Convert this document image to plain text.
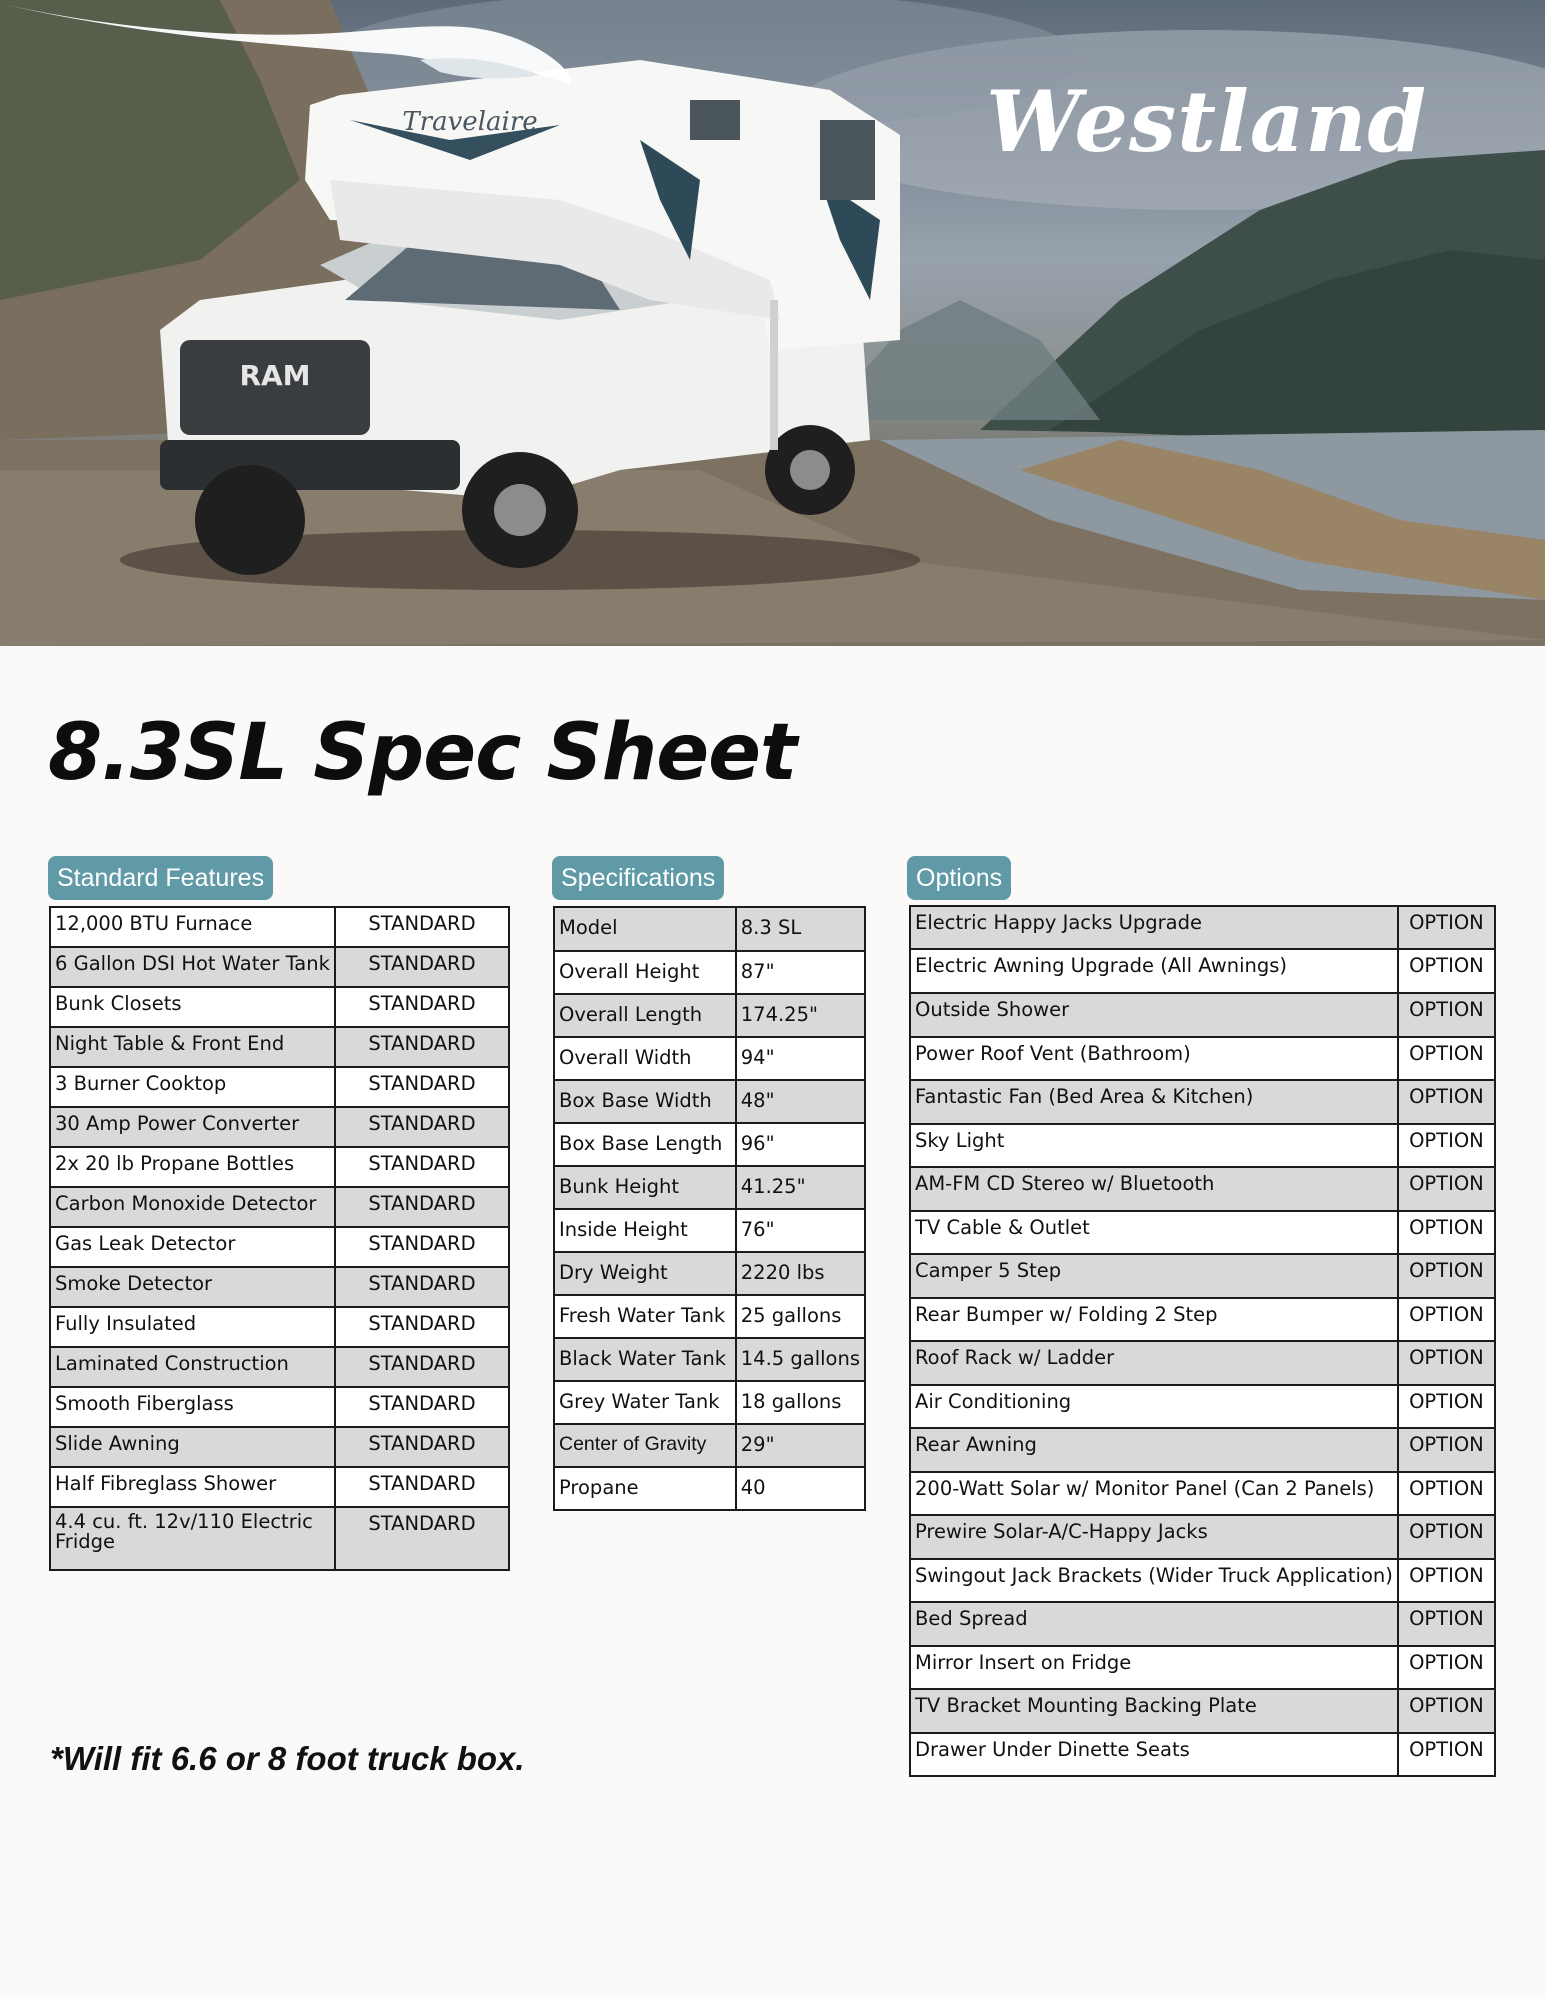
RAM
Travelaire	Westland
8.3SL Spec Sheet
Standard Features	Specifications	Options
12,000 BTU Furnace	STANDARD
6 Gallon DSI Hot Water Tank	STANDARD
Bunk Closets	STANDARD
Night Table & Front End	STANDARD
3 Burner Cooktop	STANDARD
30 Amp Power Converter	STANDARD
2x 20 lb Propane Bottles	STANDARD
Carbon Monoxide Detector	STANDARD
Gas Leak Detector	STANDARD
Smoke Detector	STANDARD
Fully Insulated	STANDARD
Laminated Construction	STANDARD
Smooth Fiberglass	STANDARD
Slide Awning	STANDARD
Half Fibreglass Shower	STANDARD
4.4 cu. ft. 12v/110 Electric
Fridge	STANDARD
Model	8.3 SL
Overall Height	87"
Overall Length	174.25"
Overall Width	94"
Box Base Width	48"
Box Base Length	96"
Bunk Height	41.25"
Inside Height	76"
Dry Weight	2220 lbs
Fresh Water Tank	25 gallons
Black Water Tank	14.5 gallons
Grey Water Tank	18 gallons
Center of Gravity	29"
Propane	40
Electric Happy Jacks Upgrade	OPTION
Electric Awning Upgrade (All Awnings)	OPTION
Outside Shower	OPTION
Power Roof Vent (Bathroom)	OPTION
Fantastic Fan (Bed Area & Kitchen)	OPTION
Sky Light	OPTION
AM-FM CD Stereo w/ Bluetooth	OPTION
TV Cable & Outlet	OPTION
Camper 5 Step	OPTION
Rear Bumper w/ Folding 2 Step	OPTION
Roof Rack w/ Ladder	OPTION
Air Conditioning	OPTION
Rear Awning	OPTION
200-Watt Solar w/ Monitor Panel (Can 2 Panels)	OPTION
Prewire Solar-A/C-Happy Jacks	OPTION
Swingout Jack Brackets (Wider Truck Application)	OPTION
Bed Spread	OPTION
Mirror Insert on Fridge	OPTION
TV Bracket Mounting Backing Plate	OPTION
Drawer Under Dinette Seats	OPTION

*Will fit 6.6 or 8 foot truck box.
